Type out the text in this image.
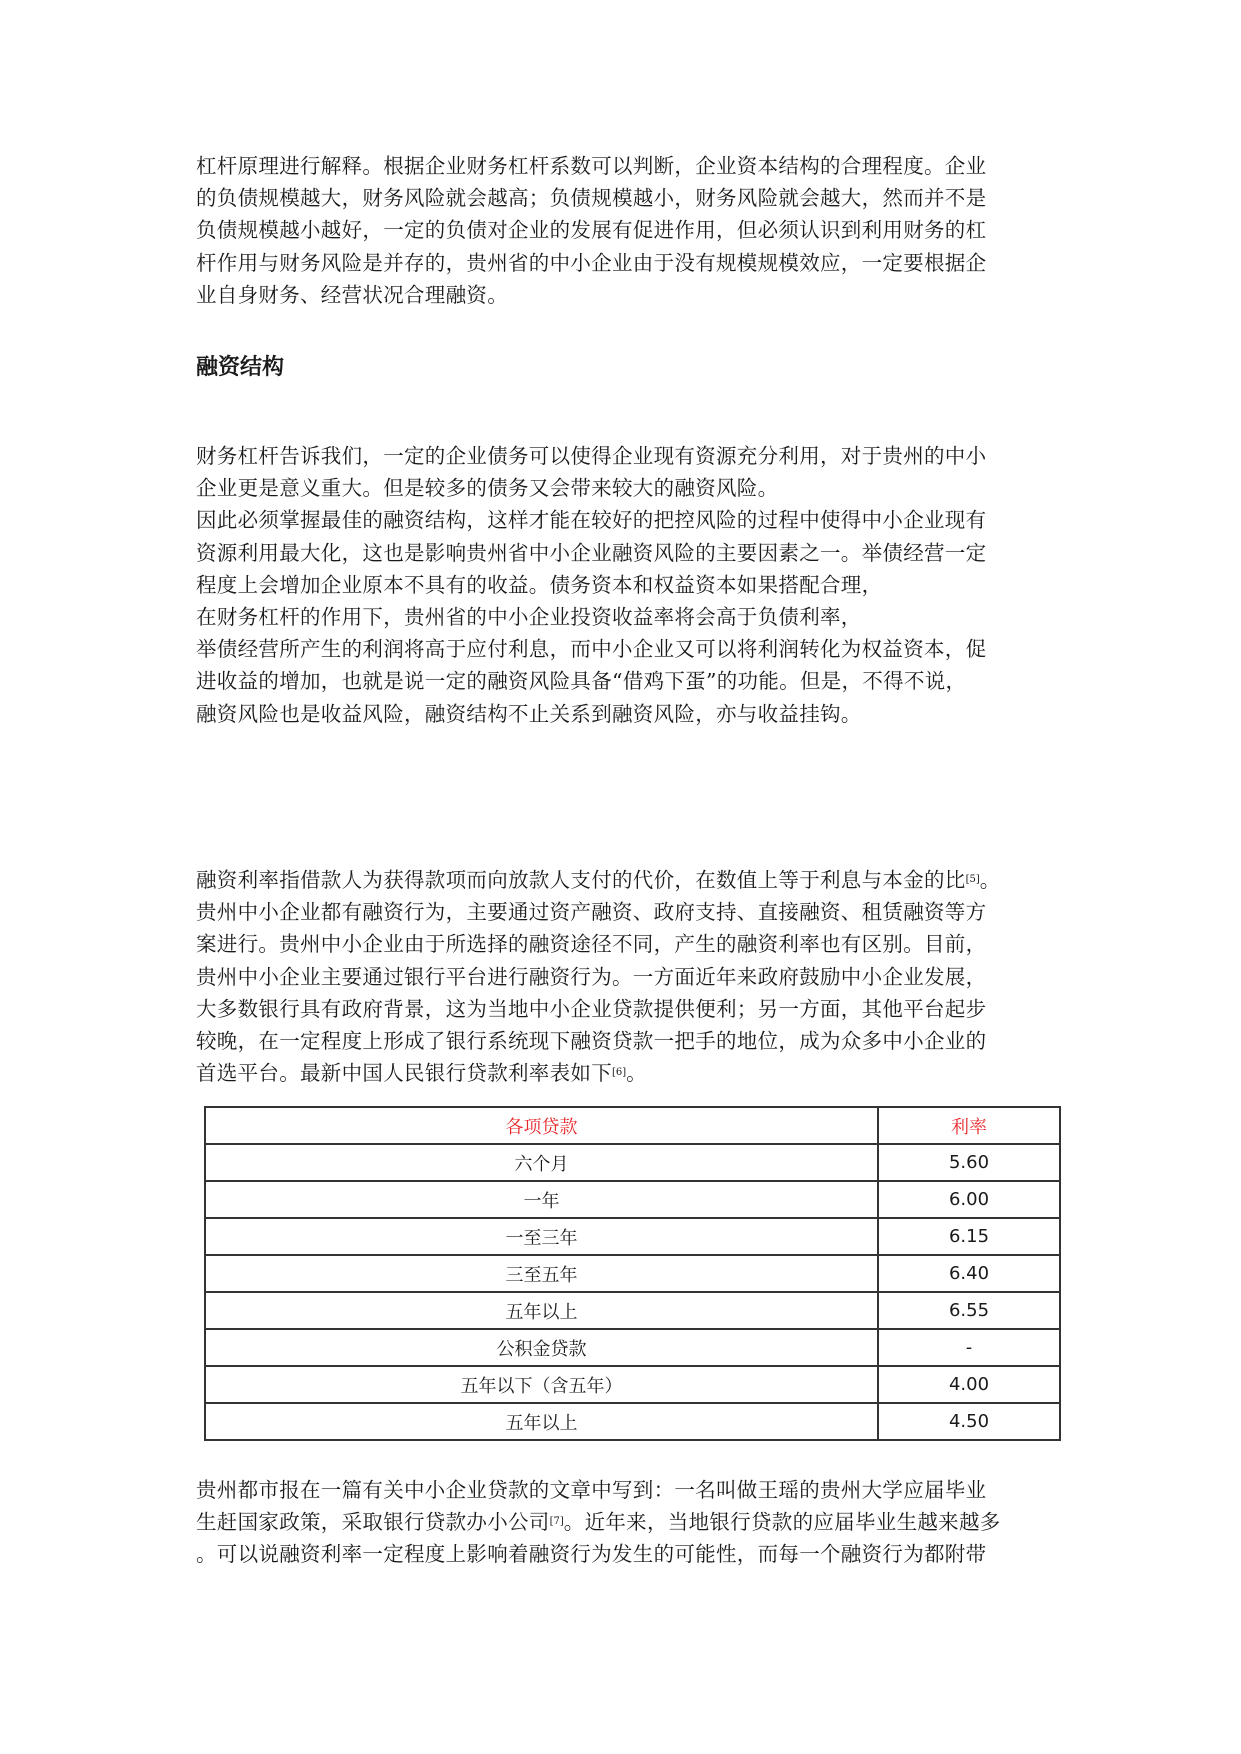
杠杆原理进行解释。根据企业财务杠杆系数可以判断，企业资本结构的合理程度。企业
的负债规模越大，财务风险就会越高；负债规模越小，财务风险就会越大，然而并不是
负债规模越小越好，一定的负债对企业的发展有促进作用，但必须认识到利用财务的杠
杆作用与财务风险是并存的，贵州省的中小企业由于没有规模规模效应，一定要根据企
业自身财务、经营状况合理融资。

融资结构

财务杠杆告诉我们，一定的企业债务可以使得企业现有资源充分利用，对于贵州的中小
企业更是意义重大。但是较多的债务又会带来较大的融资风险。
因此必须掌握最佳的融资结构，这样才能在较好的把控风险的过程中使得中小企业现有
资源利用最大化，这也是影响贵州省中小企业融资风险的主要因素之一。举债经营一定
程度上会增加企业原本不具有的收益。债务资本和权益资本如果搭配合理，
在财务杠杆的作用下，贵州省的中小企业投资收益率将会高于负债利率，
举债经营所产生的利润将高于应付利息，而中小企业又可以将利润转化为权益资本，促
进收益的增加，也就是说一定的融资风险具备“借鸡下蛋”的功能。但是，不得不说，
融资风险也是收益风险，融资结构不止关系到融资风险，亦与收益挂钩。

融资利率指借款人为获得款项而向放款人支付的代价，在数值上等于利息与本金的比[5]。
贵州中小企业都有融资行为，主要通过资产融资、政府支持、直接融资、租赁融资等方
案进行。贵州中小企业由于所选择的融资途径不同，产生的融资利率也有区别。目前，
贵州中小企业主要通过银行平台进行融资行为。一方面近年来政府鼓励中小企业发展，
大多数银行具有政府背景，这为当地中小企业贷款提供便利；另一方面，其他平台起步
较晚，在一定程度上形成了银行系统现下融资贷款一把手的地位，成为众多中小企业的
首选平台。最新中国人民银行贷款利率表如下[6]。

各项贷款	利率
六个月	5.60
一年	6.00
一至三年	6.15
三至五年	6.40
五年以上	6.55
公积金贷款	-
五年以下（含五年）	4.00
五年以上	4.50

贵州都市报在一篇有关中小企业贷款的文章中写到：一名叫做王瑶的贵州大学应届毕业
生赶国家政策，采取银行贷款办小公司[7]。近年来，当地银行贷款的应届毕业生越来越多
。可以说融资利率一定程度上影响着融资行为发生的可能性，而每一个融资行为都附带
